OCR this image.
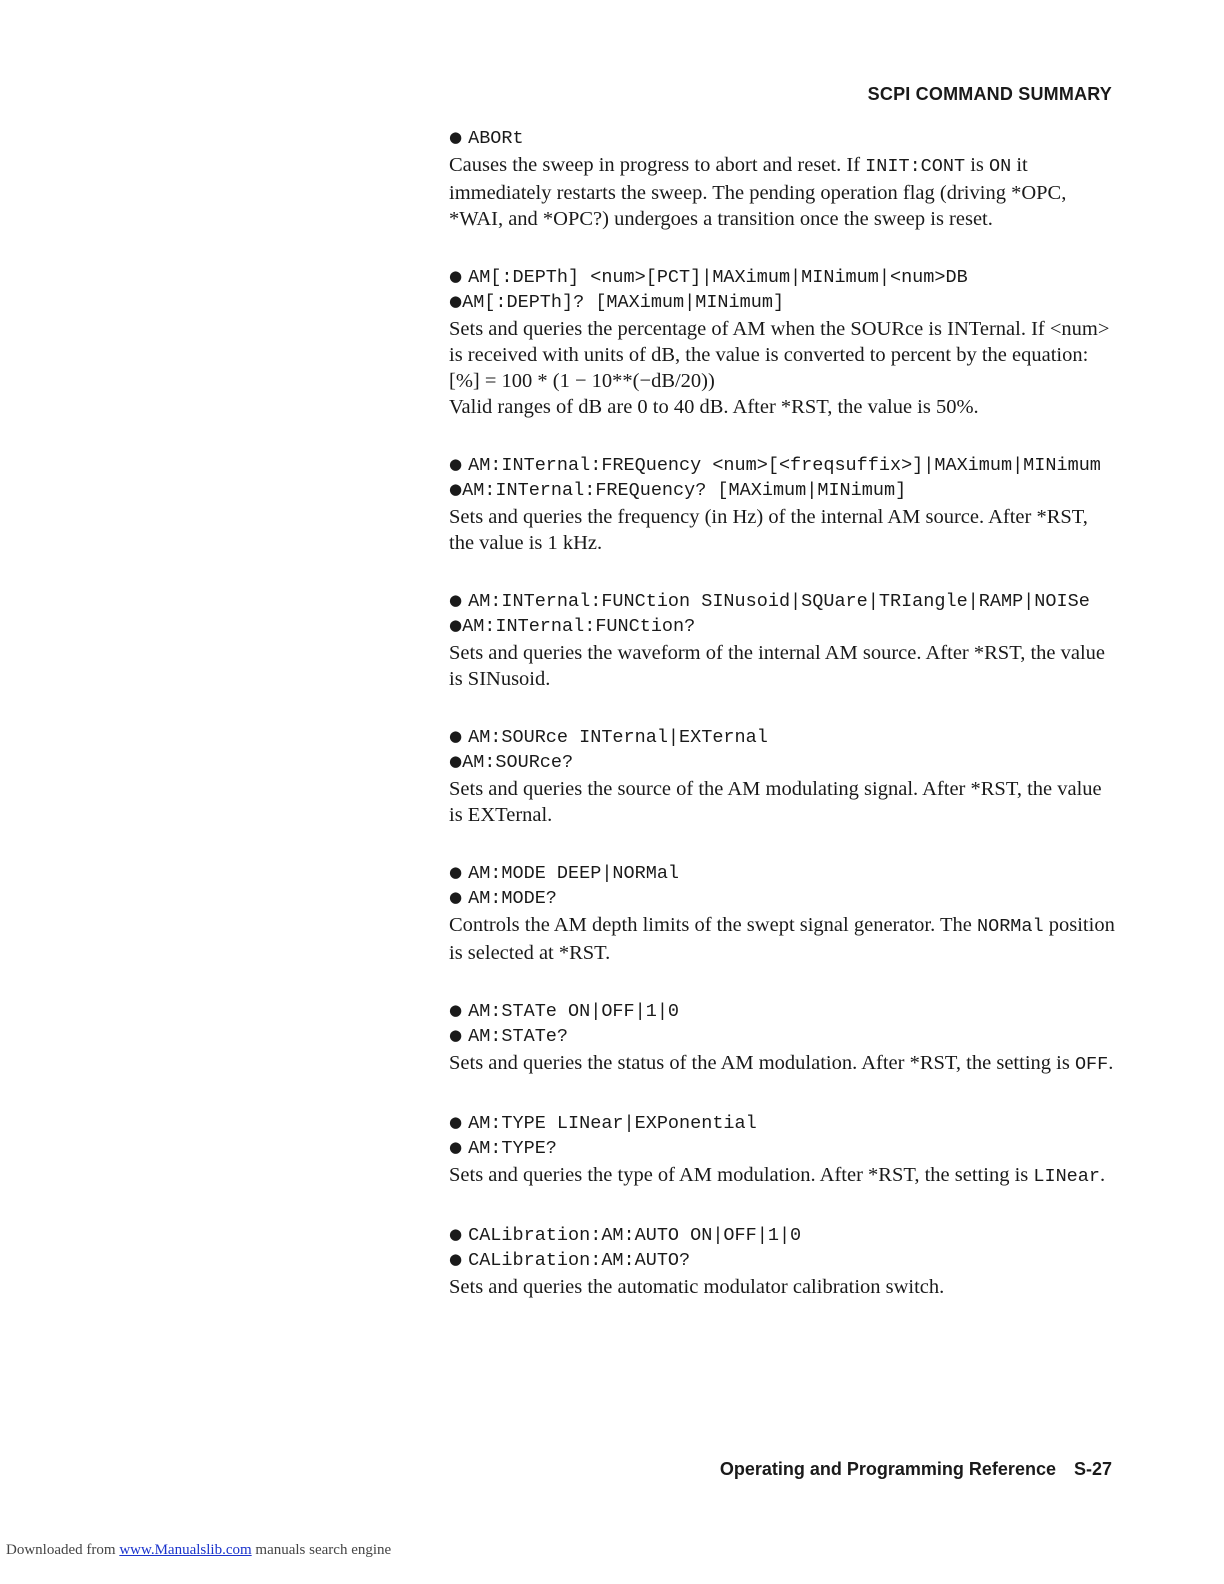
SCPI COMMAND SUMMARY
● ABORt

Causes the sweep in progress to abort and reset. If INIT:CONT is ON it immediately restarts the sweep. The pending operation flag (driving *OPC, *WAI, and *OPC?) undergoes a transition once the sweep is reset.

● AM[:DEPTh] <num>[PCT]|MAXimum|MINimum|<num>DB
●AM[:DEPTh]? [MAXimum|MINimum]

Sets and queries the percentage of AM when the SOURce is INTernal. If <num> is received with units of dB, the value is converted to percent by the equation:

[%] = 100 * (1 − 10**(−dB/20))

Valid ranges of dB are 0 to 40 dB. After *RST, the value is 50%.

● AM:INTernal:FREQuency <num>[<freqsuffix>]|MAXimum|MINimum
●AM:INTernal:FREQuency? [MAXimum|MINimum]

Sets and queries the frequency (in Hz) of the internal AM source. After *RST, the value is 1 kHz.

● AM:INTernal:FUNCtion SINusoid|SQUare|TRIangle|RAMP|NOISe
●AM:INTernal:FUNCtion?

Sets and queries the waveform of the internal AM source. After *RST, the value is SINusoid.

● AM:SOURce INTernal|EXTernal
●AM:SOURce?

Sets and queries the source of the AM modulating signal. After *RST, the value is EXTernal.

● AM:MODE DEEP|NORMal
● AM:MODE?

Controls the AM depth limits of the swept signal generator. The NORMal position is selected at *RST.

● AM:STATe ON|OFF|1|0
● AM:STATe?

Sets and queries the status of the AM modulation. After *RST, the setting is OFF.

● AM:TYPE LINear|EXPonential
● AM:TYPE?

Sets and queries the type of AM modulation. After *RST, the setting is LINear.

● CALibration:AM:AUTO ON|OFF|1|0
● CALibration:AM:AUTO?

Sets and queries the automatic modulator calibration switch.

Operating and Programming Reference S-27
Downloaded from www.Manualslib.com manuals search engine
